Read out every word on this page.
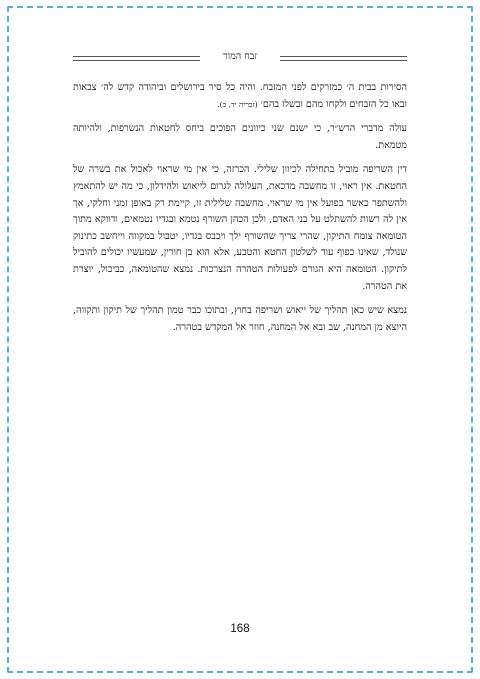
זבח המור

הסירות בבית ה׳ כמזרקים לפני המזבח. והיה כל סיר בירושלים וביהודה קדש לה׳ צבאות ובאו כל הזבחים ולקחו מהם ובשלו בהם׳ (זכריה יד, כ).

עולה מדברי הרש״ר, כי ישנם שני כיוונים הפוכים ביחס לחטאות הנשרפות, ולהיותה מטמאת.

דין השריפה מוביל בתחילה לכיוון שלילי. הכרזה, כי אין מי שראוי לאכול את בשרה של החטאת. אין ראוי, זו מחשבה מדכאת, העלולה לגרום לייאוש ולהידלון, כי מה יש להתאמץ ולהשתפר כאשר בפועל אין מי שראוי. מחשבה שלילית זו, קיימת רק באופן זמני וחלקי, אך אין לה רשות להשתלט על בני האדם, ולכן הכהן השורף נטמא ובגדיו נטמאים, ודווקא מתוך הטומאה צומח התיקון, שהרי צריך שהשורף ילך ויכבס בגדיו, יטבול במקווה וייחשב כתינוק שנולד, שאינו כפוף עוד לשלטון החטא והטבע, אלא הוא בן חורין, שמעשיו יכולים להוביל לתיקון. הטומאה היא הגורם לפעולות הטהרה הנצרכות. נמצא שהטומאה, כביכול, יוצרת את הטהרה.

נמצא שיש כאן תהליך של ייאוש ושריפה בחוץ, ובתוכו כבר טמון תהליך של תיקון ותקווה, היוצא מן המחנה, שב ובא אל המחנה, חוזר אל המקדש בטהרה.

168
